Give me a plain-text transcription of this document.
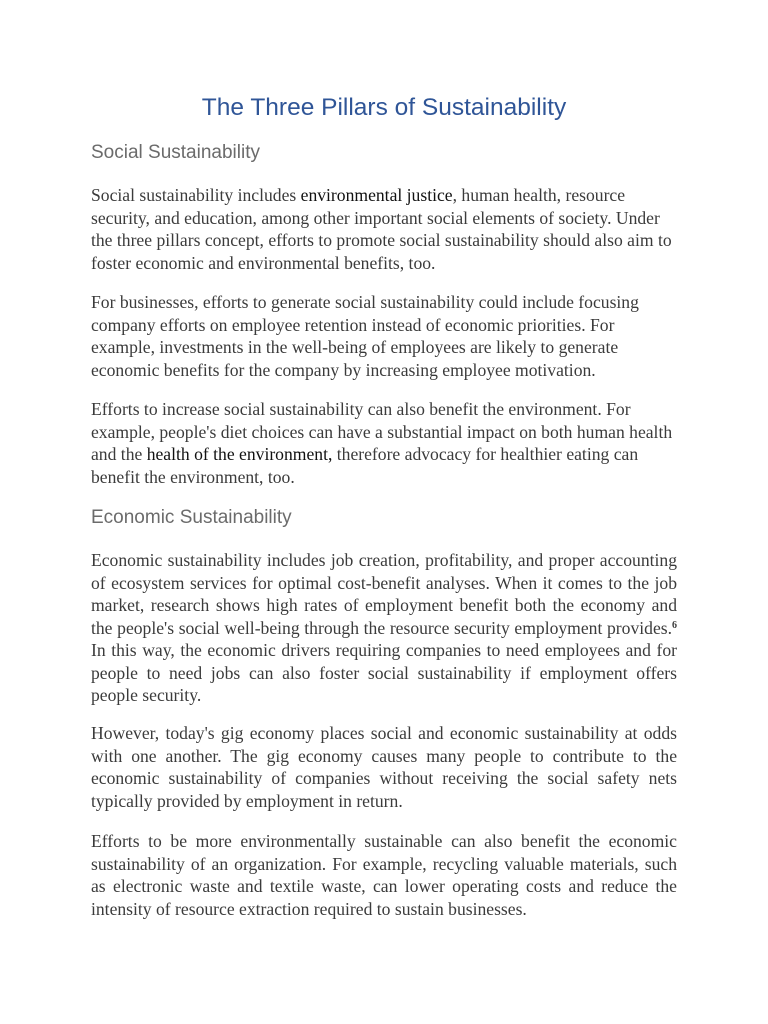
The Three Pillars of Sustainability
Social Sustainability

Social sustainability includes environmental justice, human health, resource security, and education, among other important social elements of society. Under the three pillars concept, efforts to promote social sustainability should also aim to foster economic and environmental benefits, too.

For businesses, efforts to generate social sustainability could include focusing company efforts on employee retention instead of economic priorities. For example, investments in the well-being of employees are likely to generate economic benefits for the company by increasing employee motivation.

Efforts to increase social sustainability can also benefit the environment. For example, people's diet choices can have a substantial impact on both human health and the health of the environment, therefore advocacy for healthier eating can benefit the environment, too.

Economic Sustainability

Economic sustainability includes job creation, profitability, and proper accounting of ecosystem services for optimal cost-benefit analyses. When it comes to the job market, research shows high rates of employment benefit both the economy and the people's social well-being through the resource security employment provides.$^6$ In this way, the economic drivers requiring companies to need employees and for people to need jobs can also foster social sustainability if employment offers people security.

However, today's gig economy places social and economic sustainability at odds with one another. The gig economy causes many people to contribute to the economic sustainability of companies without receiving the social safety nets typically provided by employment in return.

Efforts to be more environmentally sustainable can also benefit the economic sustainability of an organization. For example, recycling valuable materials, such as electronic waste and textile waste, can lower operating costs and reduce the intensity of resource extraction required to sustain businesses.
